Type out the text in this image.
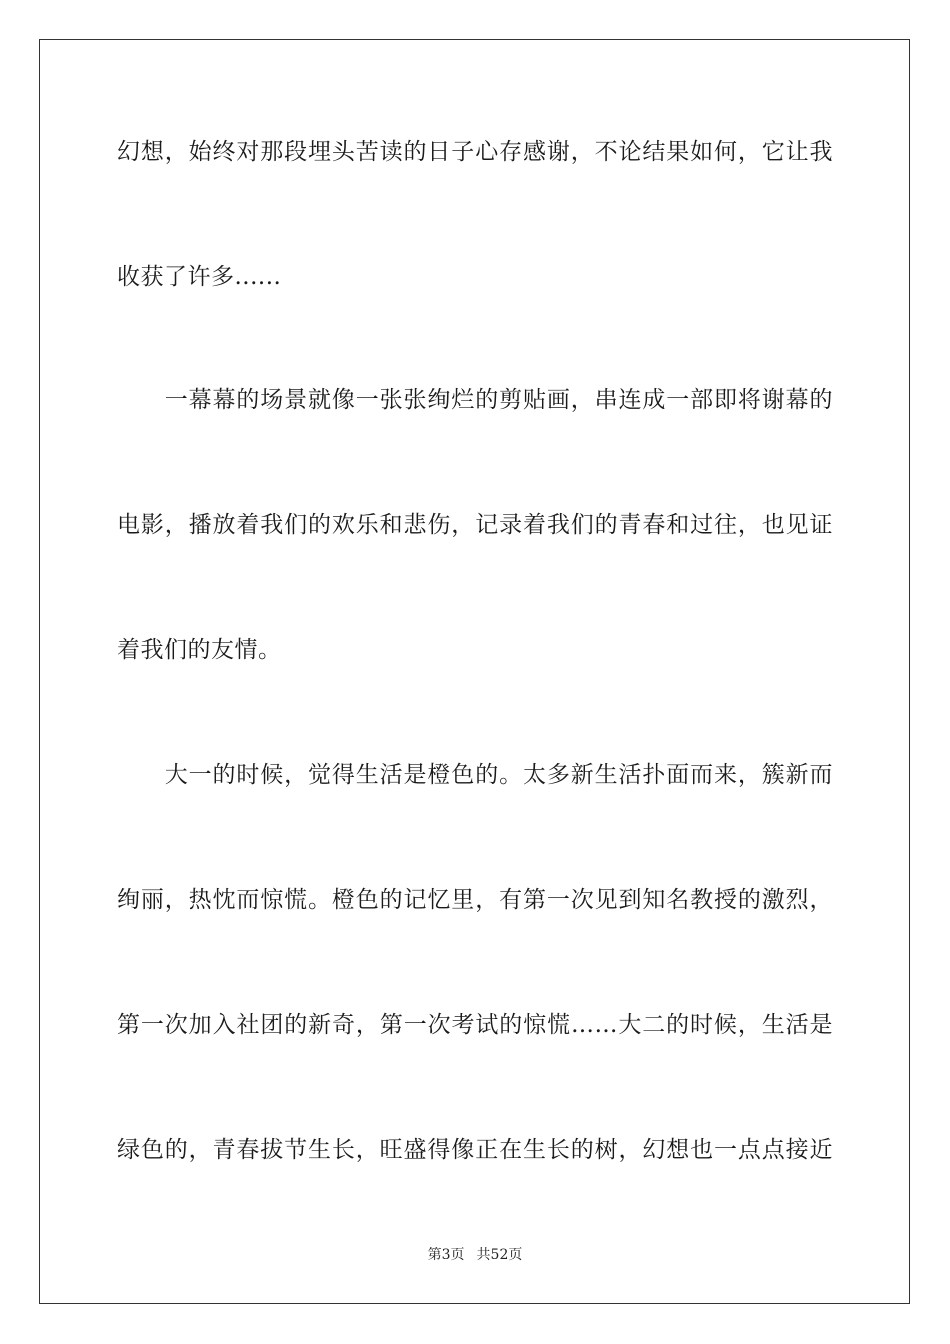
幻想，始终对那段埋头苦读的日子心存感谢，不论结果如何，它让我
收获了许多......
　　一幕幕的场景就像一张张绚烂的剪贴画，串连成一部即将谢幕的
电影，播放着我们的欢乐和悲伤，记录着我们的青春和过往，也见证
着我们的友情。
　　大一的时候，觉得生活是橙色的。太多新生活扑面而来，簇新而
绚丽，热忱而惊慌。橙色的记忆里，有第一次见到知名教授的激烈，
第一次加入社团的新奇，第一次考试的惊慌……大二的时候，生活是
绿色的，青春拔节生长，旺盛得像正在生长的树，幻想也一点点接近
第3页 共52页
